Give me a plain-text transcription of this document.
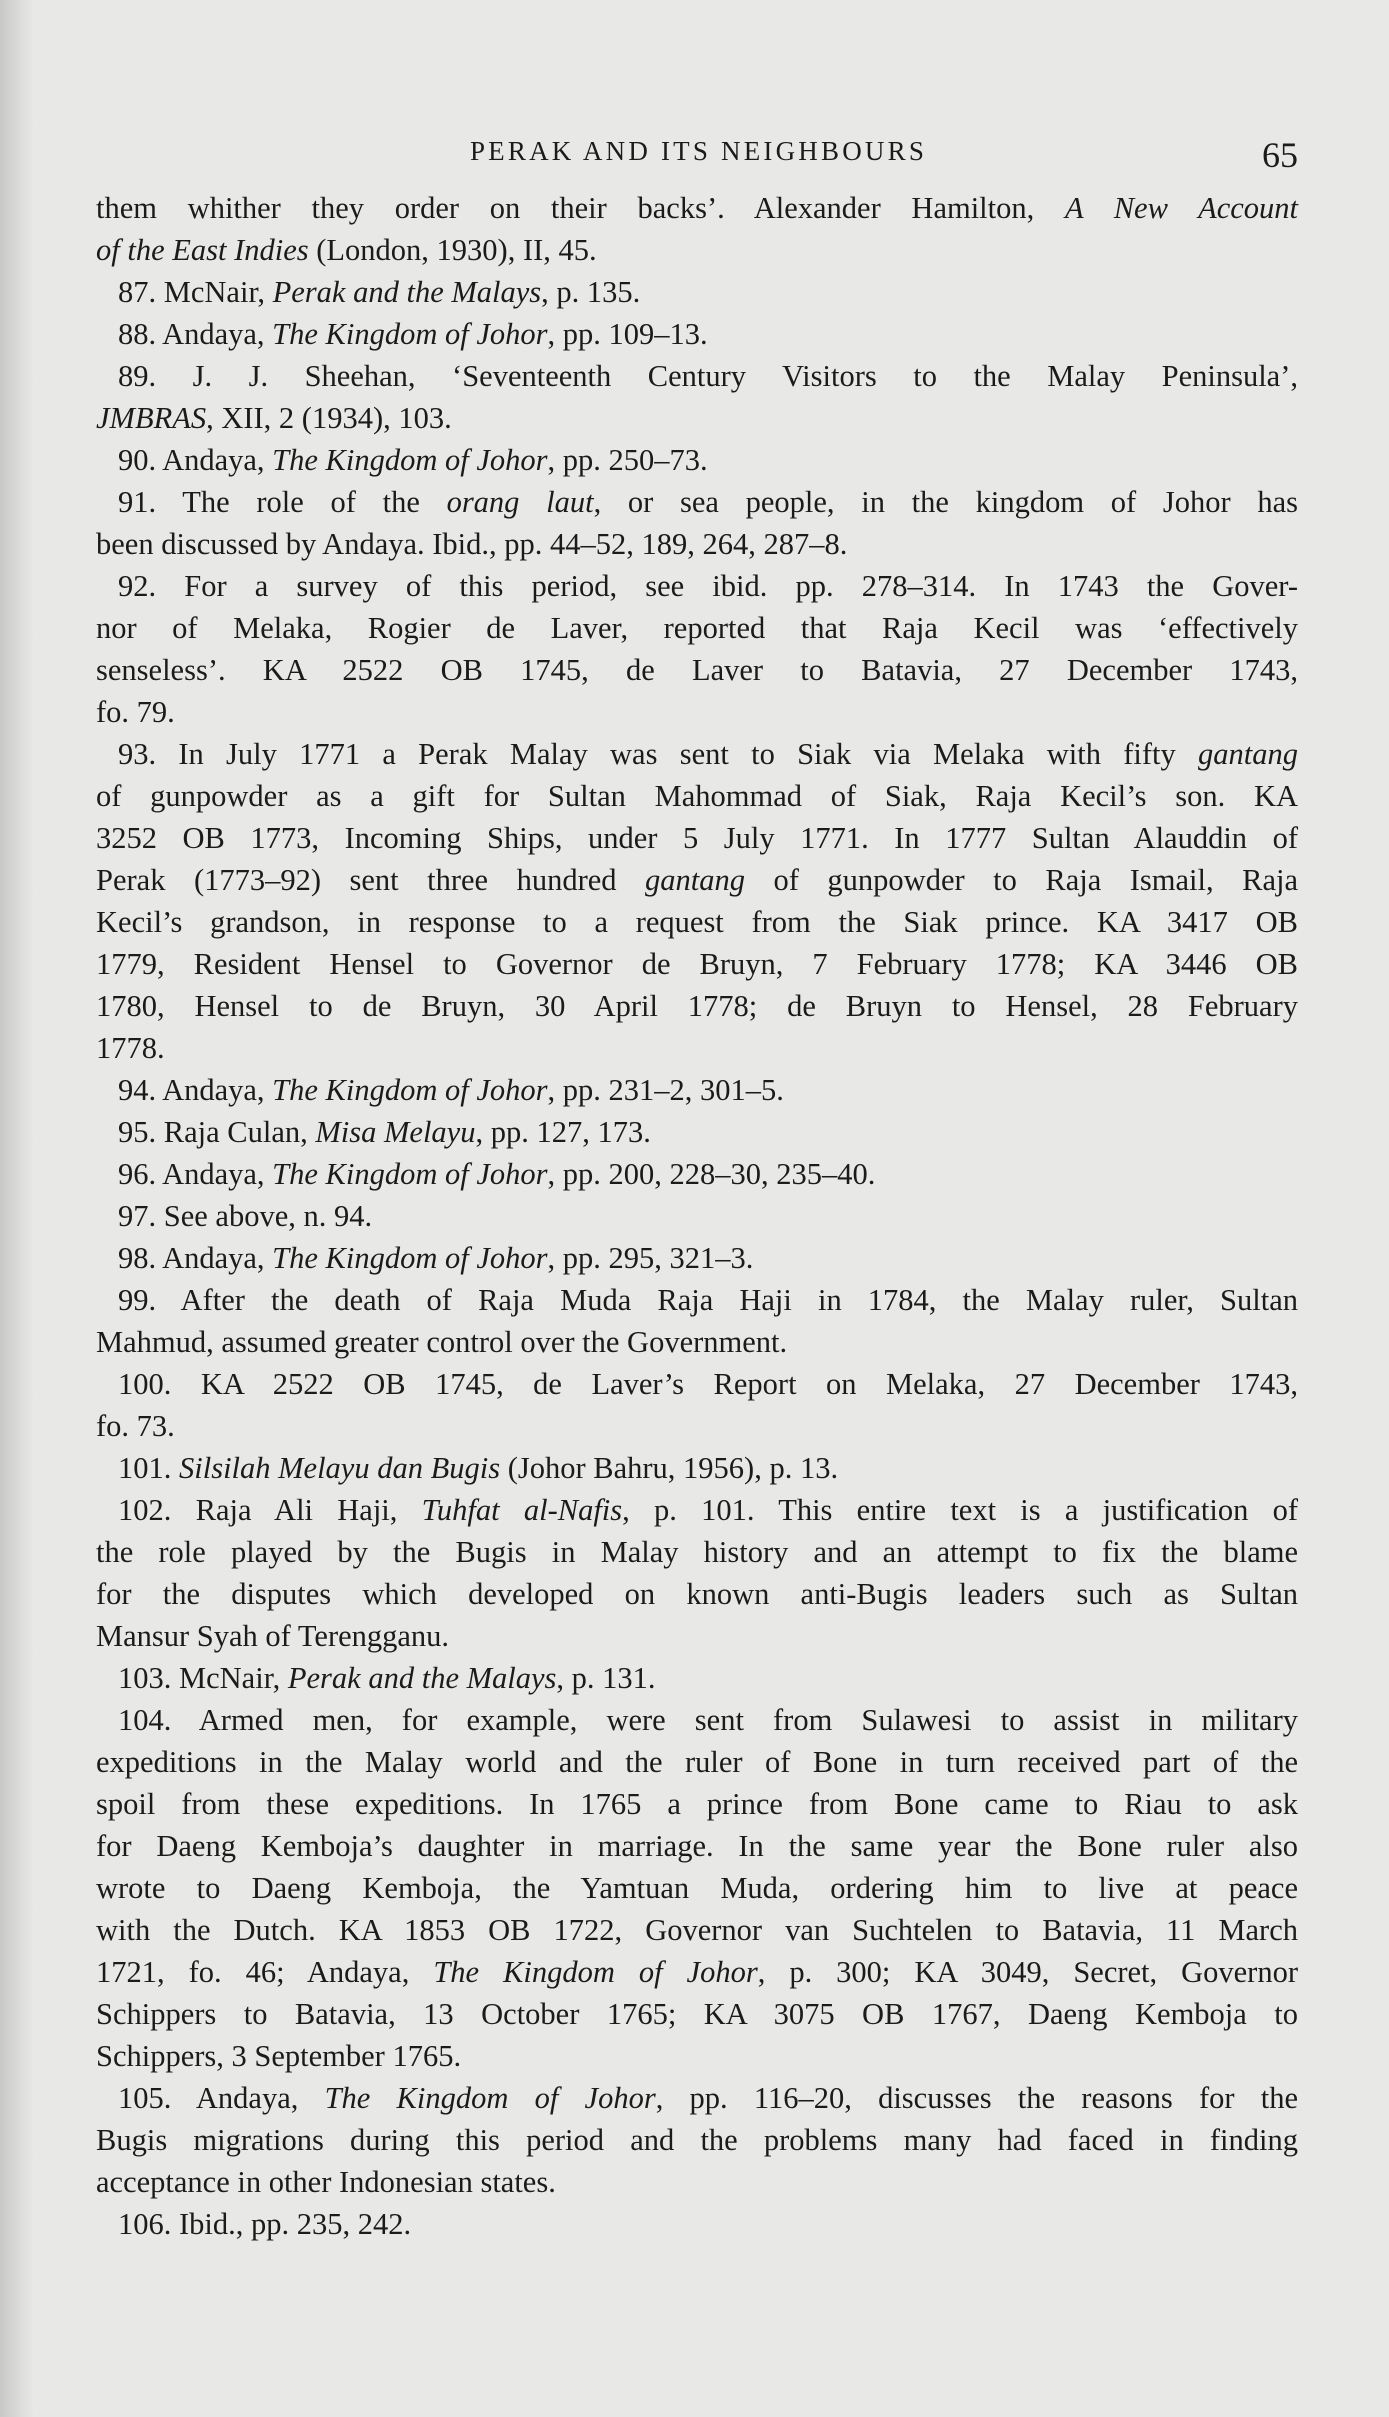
PERAK AND ITS NEIGHBOURS	65
them whither they order on their backs’. Alexander Hamilton, A New Account
of the East Indies (London, 1930), II, 45.
87. McNair, Perak and the Malays, p. 135.
88. Andaya, The Kingdom of Johor, pp. 109–13.
89. J. J. Sheehan, ‘Seventeenth Century Visitors to the Malay Peninsula’,
JMBRAS, XII, 2 (1934), 103.
90. Andaya, The Kingdom of Johor, pp. 250–73.
91. The role of the orang laut, or sea people, in the kingdom of Johor has
been discussed by Andaya. Ibid., pp. 44–52, 189, 264, 287–8.
92. For a survey of this period, see ibid. pp. 278–314. In 1743 the Gover-
nor of Melaka, Rogier de Laver, reported that Raja Kecil was ‘effectively
senseless’. KA 2522 OB 1745, de Laver to Batavia, 27 December 1743,
fo. 79.
93. In July 1771 a Perak Malay was sent to Siak via Melaka with fifty gantang
of gunpowder as a gift for Sultan Mahommad of Siak, Raja Kecil’s son. KA
3252 OB 1773, Incoming Ships, under 5 July 1771. In 1777 Sultan Alauddin of
Perak (1773–92) sent three hundred gantang of gunpowder to Raja Ismail, Raja
Kecil’s grandson, in response to a request from the Siak prince. KA 3417 OB
1779, Resident Hensel to Governor de Bruyn, 7 February 1778; KA 3446 OB
1780, Hensel to de Bruyn, 30 April 1778; de Bruyn to Hensel, 28 February
1778.
94. Andaya, The Kingdom of Johor, pp. 231–2, 301–5.
95. Raja Culan, Misa Melayu, pp. 127, 173.
96. Andaya, The Kingdom of Johor, pp. 200, 228–30, 235–40.
97. See above, n. 94.
98. Andaya, The Kingdom of Johor, pp. 295, 321–3.
99. After the death of Raja Muda Raja Haji in 1784, the Malay ruler, Sultan
Mahmud, assumed greater control over the Government.
100. KA 2522 OB 1745, de Laver’s Report on Melaka, 27 December 1743,
fo. 73.
101. Silsilah Melayu dan Bugis (Johor Bahru, 1956), p. 13.
102. Raja Ali Haji, Tuhfat al-Nafis, p. 101. This entire text is a justification of
the role played by the Bugis in Malay history and an attempt to fix the blame
for the disputes which developed on known anti-Bugis leaders such as Sultan
Mansur Syah of Terengganu.
103. McNair, Perak and the Malays, p. 131.
104. Armed men, for example, were sent from Sulawesi to assist in military
expeditions in the Malay world and the ruler of Bone in turn received part of the
spoil from these expeditions. In 1765 a prince from Bone came to Riau to ask
for Daeng Kemboja’s daughter in marriage. In the same year the Bone ruler also
wrote to Daeng Kemboja, the Yamtuan Muda, ordering him to live at peace
with the Dutch. KA 1853 OB 1722, Governor van Suchtelen to Batavia, 11 March
1721, fo. 46; Andaya, The Kingdom of Johor, p. 300; KA 3049, Secret, Governor
Schippers to Batavia, 13 October 1765; KA 3075 OB 1767, Daeng Kemboja to
Schippers, 3 September 1765.
105. Andaya, The Kingdom of Johor, pp. 116–20, discusses the reasons for the
Bugis migrations during this period and the problems many had faced in finding
acceptance in other Indonesian states.
106. Ibid., pp. 235, 242.
